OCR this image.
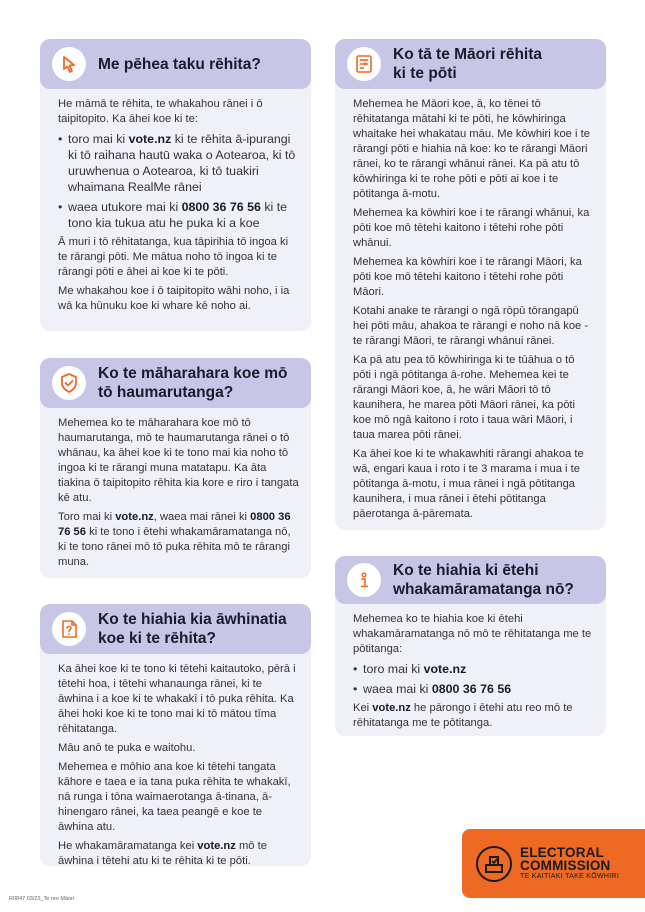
Me pēhea taku rēhita?

He māmā te rēhita, te whakahou rānei i ō taipitopito. Ka āhei koe ki te:

• toro mai ki vote.nz ki te rēhita ā-ipurangi ki tō raihana hautū waka o Aotearoa, ki tō uruwhenua o Aotearoa, ki tō tuakiri whaimana RealMe rānei
• waea utukore mai ki 0800 36 76 56 ki te tono kia tukua atu he puka ki a koe

Ā muri i tō rēhitatanga, kua tāpirihia tō ingoa ki te rārangi pōti. Me mātua noho tō ingoa ki te rārangi pōti e āhei ai koe ki te pōti.

Me whakahou koe i ō taipitopito wāhi noho, i ia wā ka hūnuku koe ki whare kē noho ai.

Ko te māharahara koe mō tō haumarutanga?

Mehemea ko te māharahara koe mō tō haumarutanga, mō te haumarutanga rānei o tō whānau, ka āhei koe ki te tono mai kia noho tō ingoa ki te rārangi muna matatapu. Ka āta tiakina ō taipitopito rēhita kia kore e riro i tangata kē atu.

Toro mai ki vote.nz, waea mai rānei ki 0800 36 76 56 ki te tono i ētehi whakamāramatanga nō, ki te tono rānei mō tō puka rēhita mō te rārangi muna.

Ko te hiahia kia āwhinatia koe ki te rēhita?

Ka āhei koe ki te tono ki tētehi kaitautoko, pērā i tētehi hoa, i tētehi whanaunga rānei, ki te āwhina i a koe ki te whakakī i tō puka rēhita. Ka āhei hoki koe ki te tono mai ki tō mātou tīma rēhitatanga.

Māu anō te puka e waitohu.

Mehemea e mōhio ana koe ki tētehi tangata kāhore e taea e ia tana puka rēhita te whakakī, nā runga i tōna waimaerotanga ā-tinana, ā-hinengaro rānei, ka taea peangē e koe te āwhina atu.

He whakamāramatanga kei vote.nz mō te āwhina i tētehi atu ki te rēhita ki te pōti.

Ko tā te Māori rēhita ki te pōti

Mehemea he Māori koe, ā, ko tēnei tō rēhitatanga mātahi ki te pōti, he kōwhiringa whaitake hei whakatau māu. Me kōwhiri koe i te rārangi pōti e hiahia nā koe: ko te rārangi Māori rānei, ko te rārangi whānui rānei. Ka pā atu tō kōwhiringa ki te rohe pōti e pōti ai koe i te pōtitanga ā-motu.

Mehemea ka kōwhiri koe i te rārangi whānui, ka pōti koe mō tētehi kaitono i tētehi rohe pōti whānui.

Mehemea ka kōwhiri koe i te rārangi Māori, ka pōti koe mō tētehi kaitono i tētehi rohe pōti Māori.

Kotahi anake te rārangi o ngā rōpū tōrangapū hei pōti māu, ahakoa te rārangi e noho nā koe - te rārangi Māori, te rārangi whānui rānei.

Ka pā atu pea tō kōwhiringa ki te tūāhua o tō pōti i ngā pōtitanga ā-rohe. Mehemea kei te rārangi Māori koe, ā, he wāri Māori tō tō kaunihera, he marea pōti Māori rānei, ka pōti koe mō ngā kaitono i roto i taua wāri Māori, i taua marea pōti rānei.

Ka āhei koe ki te whakawhiti rārangi ahakoa te wā, engari kaua i roto i te 3 marama i mua i te pōtitanga ā-motu, i mua rānei i ngā pōtitanga kaunihera, i mua rānei i ētehi pōtitanga pāerotanga ā-pāremata.

Ko te hiahia ki ētehi whakamāramatanga nō?

Mehemea ko te hiahia koe ki ētehi whakamāramatanga nō mō te rēhitatanga me te pōtitanga:

• toro mai ki vote.nz
• waea mai ki 0800 36 76 56

Kei vote.nz he pārongo i ētehi atu reo mō te rēhitatanga me te pōtitanga.

ELECTORAL
COMMISSION
TE KAITIAKI TAKE KŌWHIRI
R0847 03/23_Te reo Māori
